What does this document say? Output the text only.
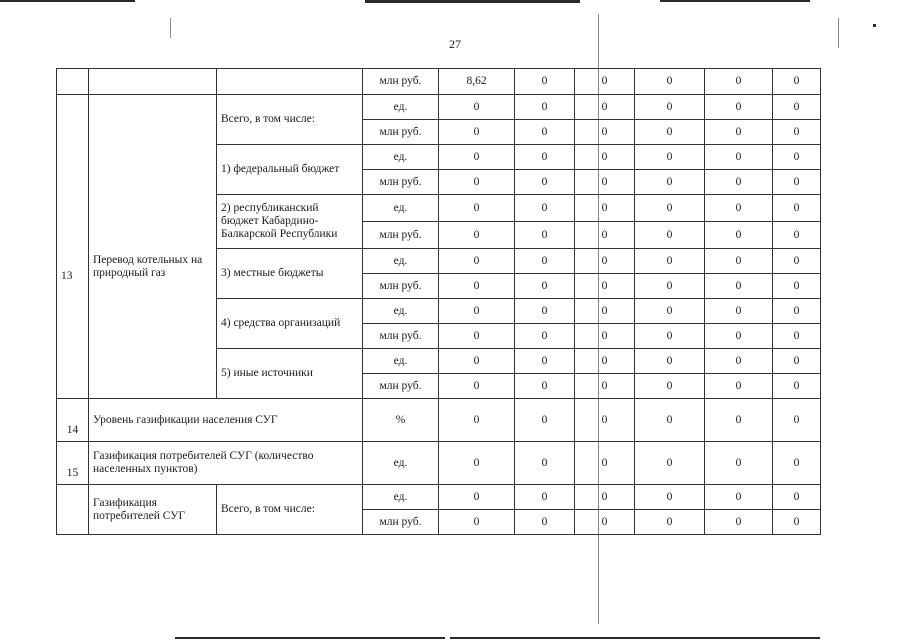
27
			млн руб.	8,62	0	0	0	0	0
13	Перевод котельных на природный газ	Всего, в том числе:	ед.	0	0	0	0	0	0
			млн руб.	0	0	0	0	0	0
		1) федеральный бюджет	ед.	0	0	0	0	0	0
			млн руб.	0	0	0	0	0	0
		2) республиканский бюджет Кабардино-Балкарской Республики	ед.	0	0	0	0	0	0
			млн руб.	0	0	0	0	0	0
		3) местные бюджеты	ед.	0	0	0	0	0	0
			млн руб.	0	0	0	0	0	0
		4) средства организаций	ед.	0	0	0	0	0	0
			млн руб.	0	0	0	0	0	0
		5) иные источники	ед.	0	0	0	0	0	0
			млн руб.	0	0	0	0	0	0
14	Уровень газификации населения СУГ		%	0	0	0	0	0	0
15	Газификация потребителей СУГ (количество населенных пунктов)		ед.	0	0	0	0	0	0
	Газификация потребителей СУГ	Всего, в том числе:	ед.	0	0	0	0	0	0
			млн руб.	0	0	0	0	0	0
